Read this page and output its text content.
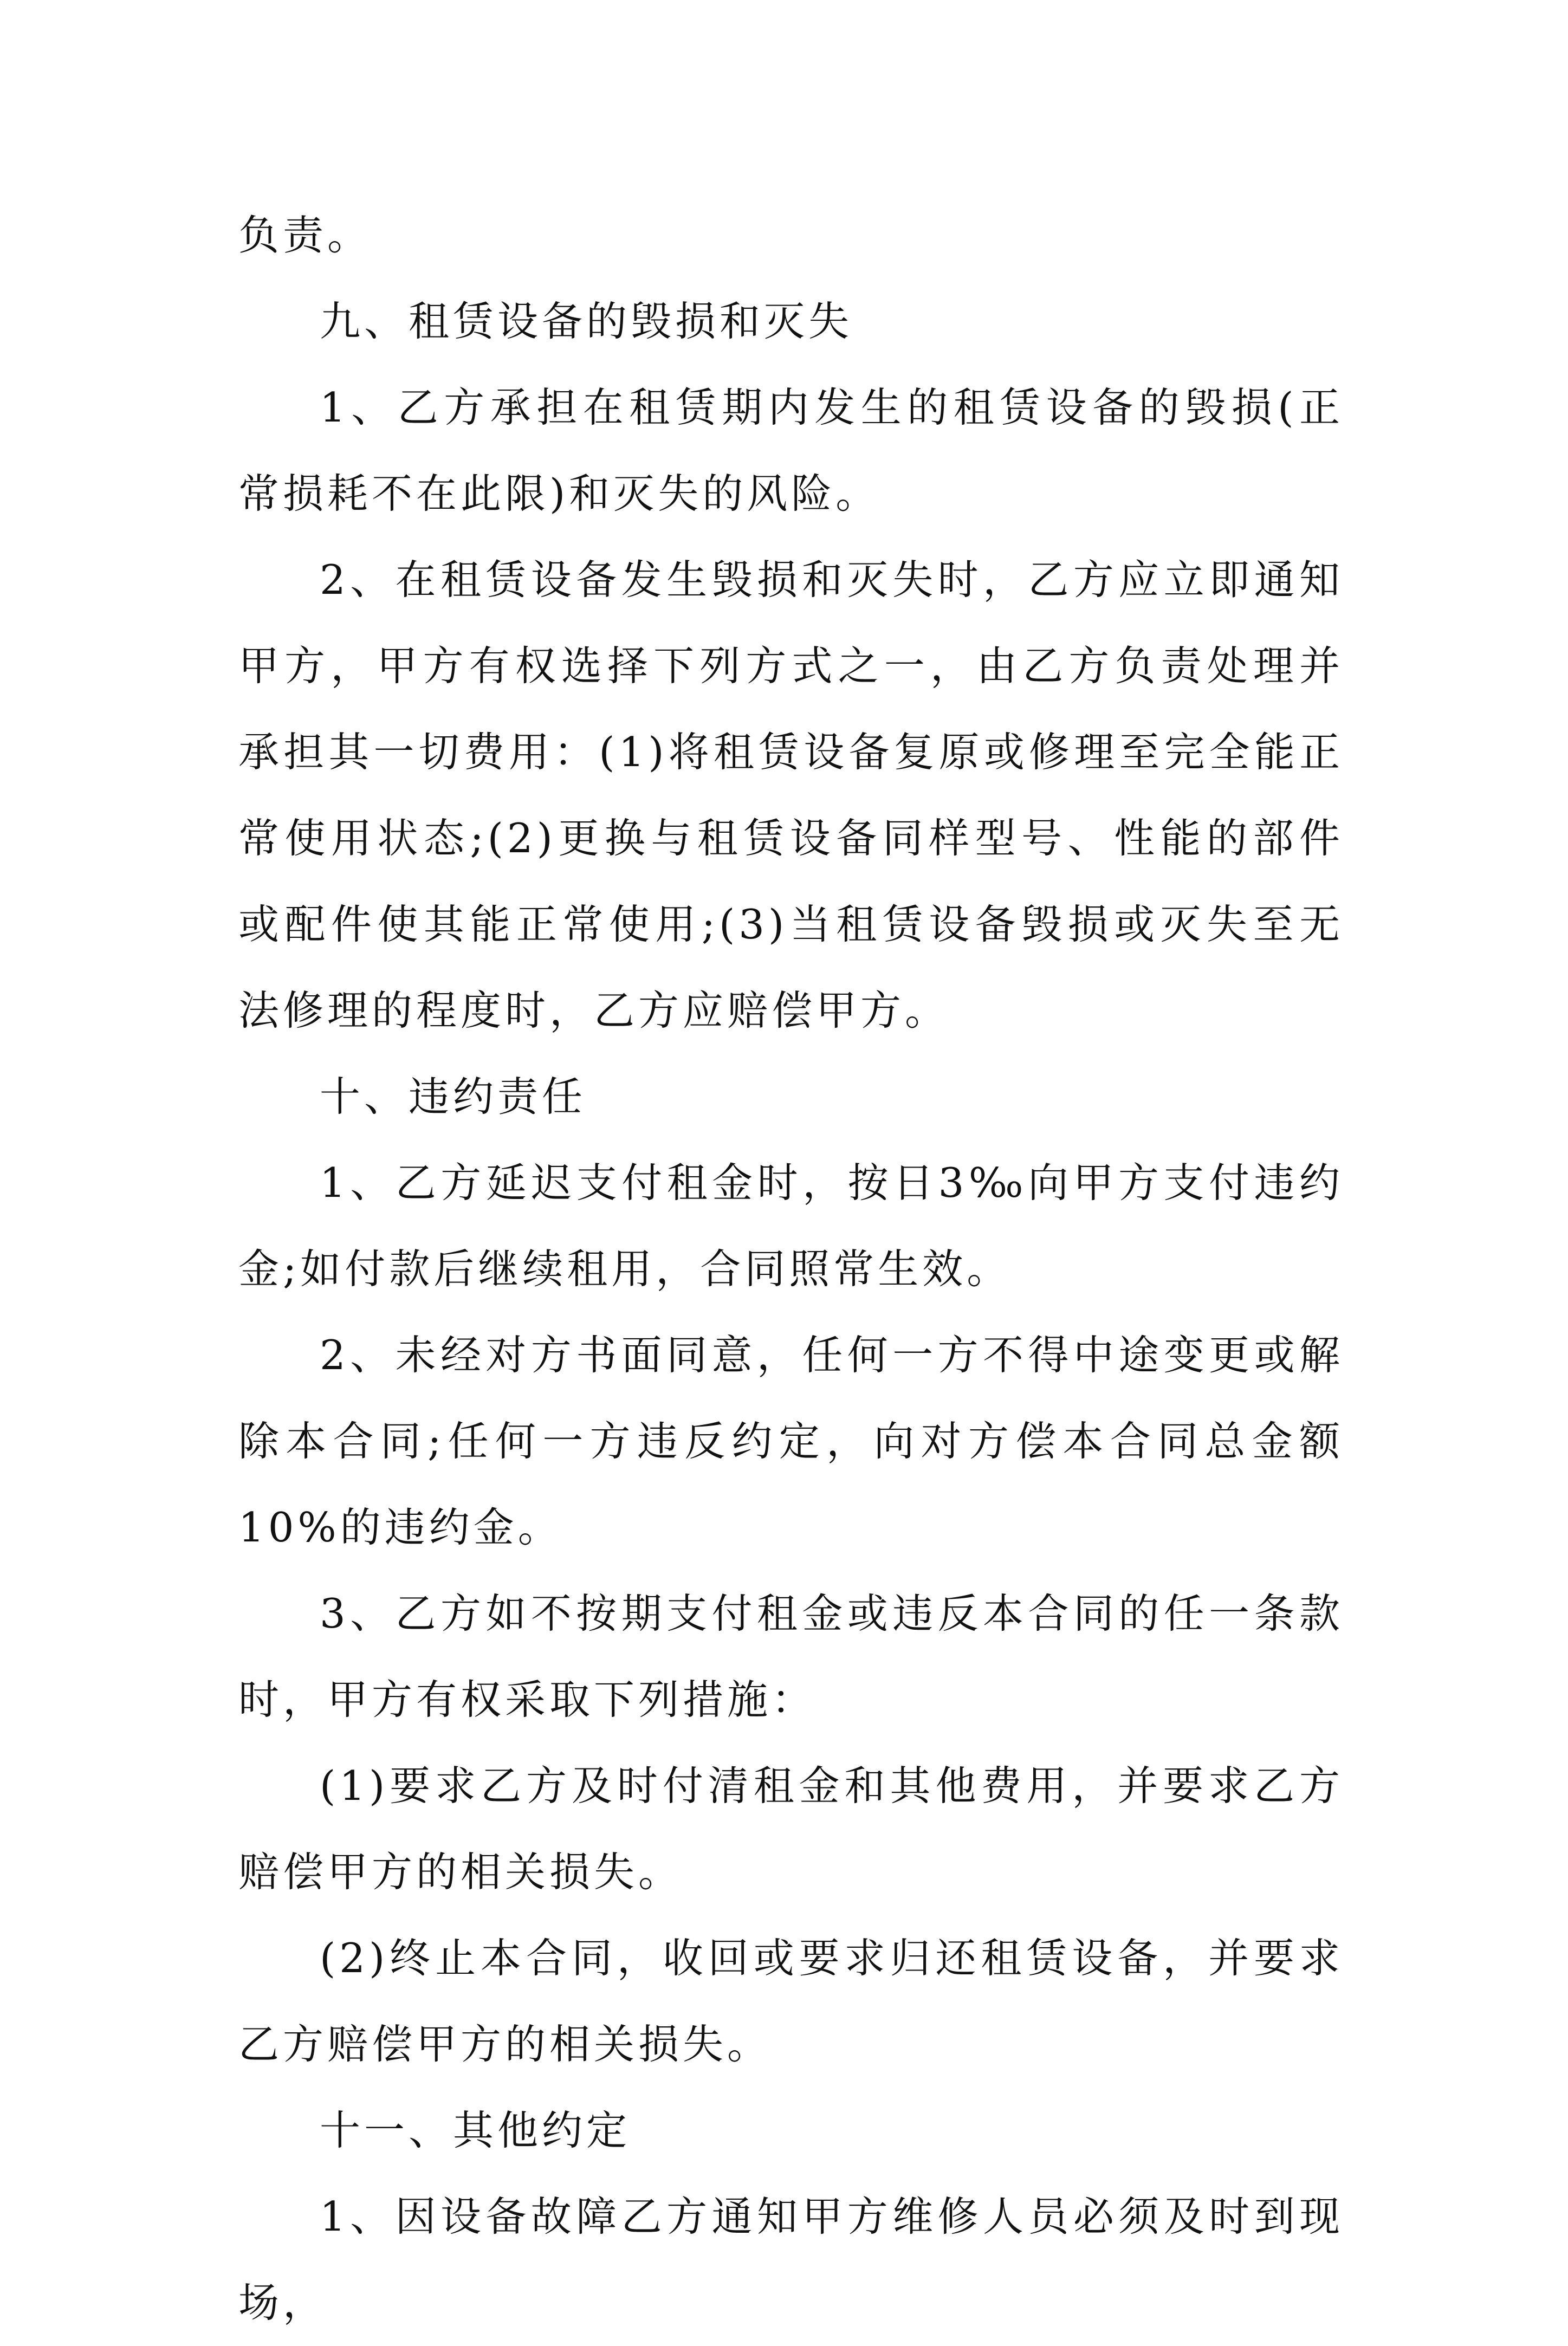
负责。

九、租赁设备的毁损和灭失

1、乙方承担在租赁期内发生的租赁设备的毁损(正常损耗不在此限)和灭失的风险。

2、在租赁设备发生毁损和灭失时，乙方应立即通知甲方，甲方有权选择下列方式之一，由乙方负责处理并承担其一切费用：(1)将租赁设备复原或修理至完全能正常使用状态;(2)更换与租赁设备同样型号、性能的部件或配件使其能正常使用;(3)当租赁设备毁损或灭失至无法修理的程度时，乙方应赔偿甲方。

十、违约责任

1、乙方延迟支付租金时，按日3‰向甲方支付违约金;如付款后继续租用，合同照常生效。

2、未经对方书面同意，任何一方不得中途变更或解除本合同;任何一方违反约定，向对方偿本合同总金额10%的违约金。

3、乙方如不按期支付租金或违反本合同的任一条款时，甲方有权采取下列措施：

(1)要求乙方及时付清租金和其他费用，并要求乙方赔偿甲方的相关损失。

(2)终止本合同，收回或要求归还租赁设备，并要求乙方赔偿甲方的相关损失。

十一、其他约定

1、因设备故障乙方通知甲方维修人员必须及时到现场，
